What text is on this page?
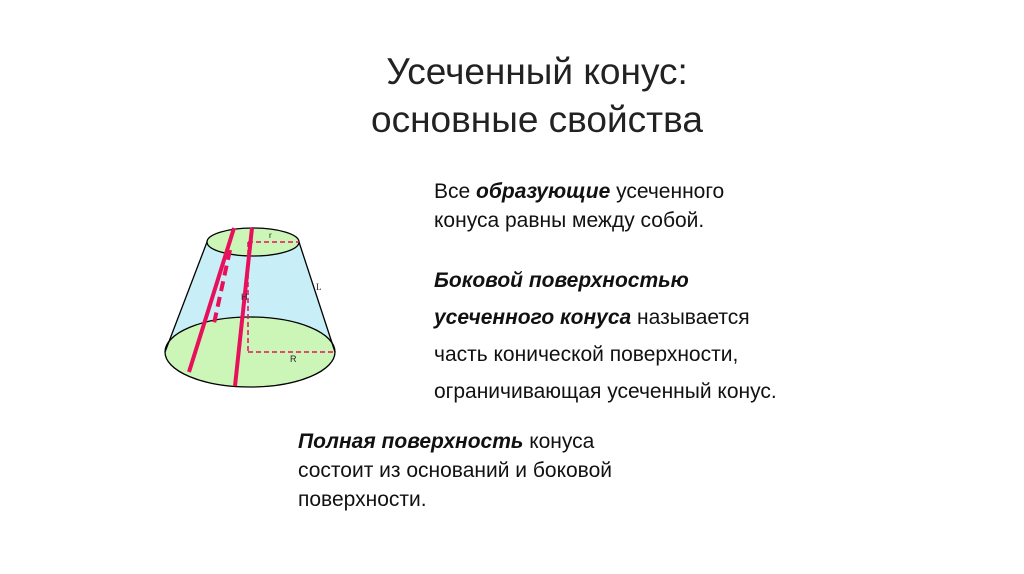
Усеченный конус:
основные свойства
Все образующие усеченного
конуса равны между собой.
Боковой поверхностью
усеченного конуса называется
часть конической поверхности,
ограничивающая усеченный конус.
Полная поверхность конуса
состоит из оснований и боковой
поверхности.
r
H
L
R
